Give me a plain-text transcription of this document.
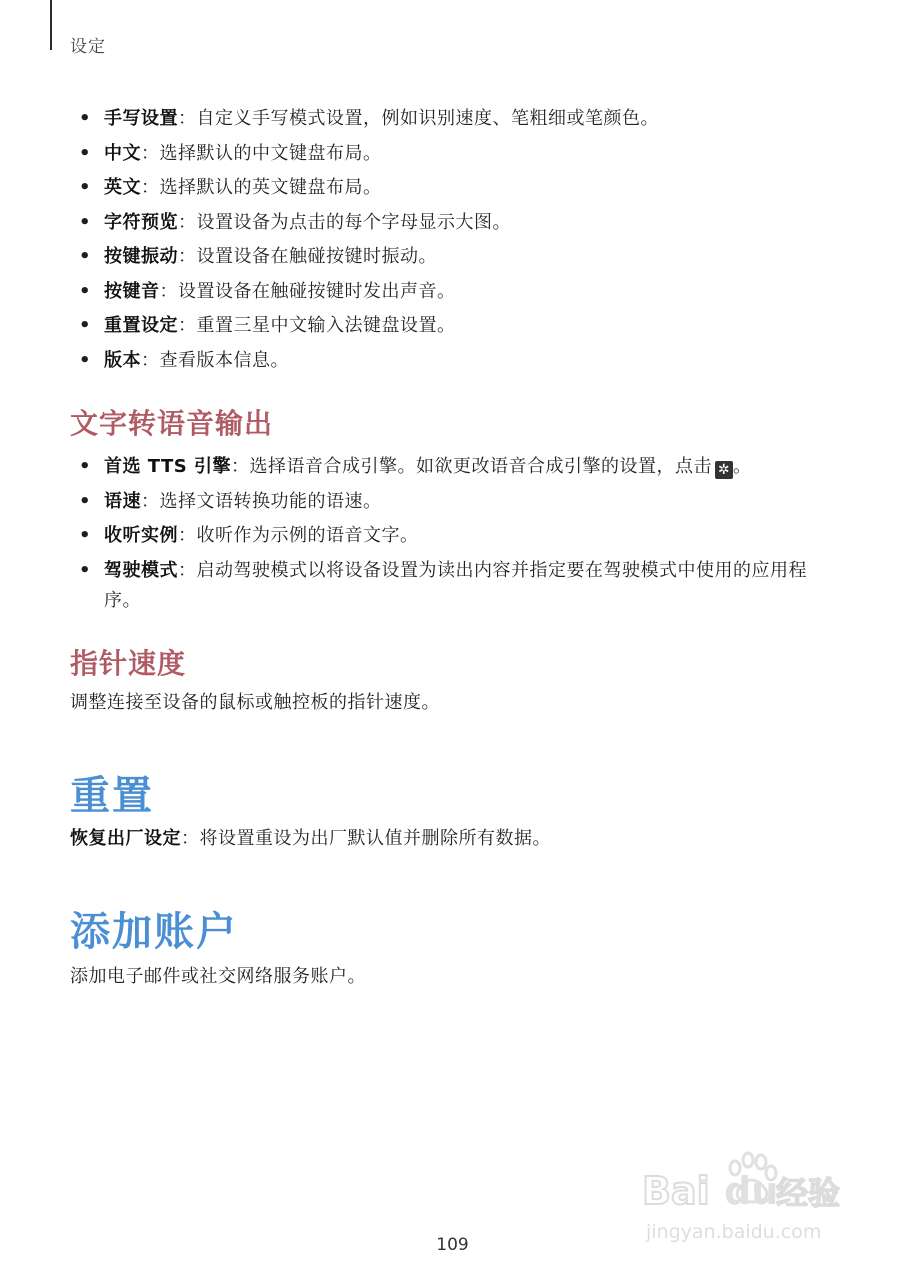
设定
• 手写设置：自定义手写模式设置，例如识别速度、笔粗细或笔颜色。
• 中文：选择默认的中文键盘布局。
• 英文：选择默认的英文键盘布局。
• 字符预览：设置设备为点击的每个字母显示大图。
• 按键振动：设置设备在触碰按键时振动。
• 按键音：设置设备在触碰按键时发出声音。
• 重置设定：重置三星中文输入法键盘设置。
• 版本：查看版本信息。
文字转语音输出
• 首选 TTS 引擎：选择语音合成引擎。如欲更改语音合成引擎的设置，点击 ✲ 。
• 语速：选择文语转换功能的语速。
• 收听实例：收听作为示例的语音文字。
• 驾驶模式：启动驾驶模式以将设备设置为读出内容并指定要在驾驶模式中使用的应用程序。
指针速度

调整连接至设备的鼠标或触控板的指针速度。

重置

恢复出厂设定：将设置重设为出厂默认值并删除所有数据。

添加账户

添加电子邮件或社交网络服务账户。

Bai du
经验
jingyan.baidu.com
109
